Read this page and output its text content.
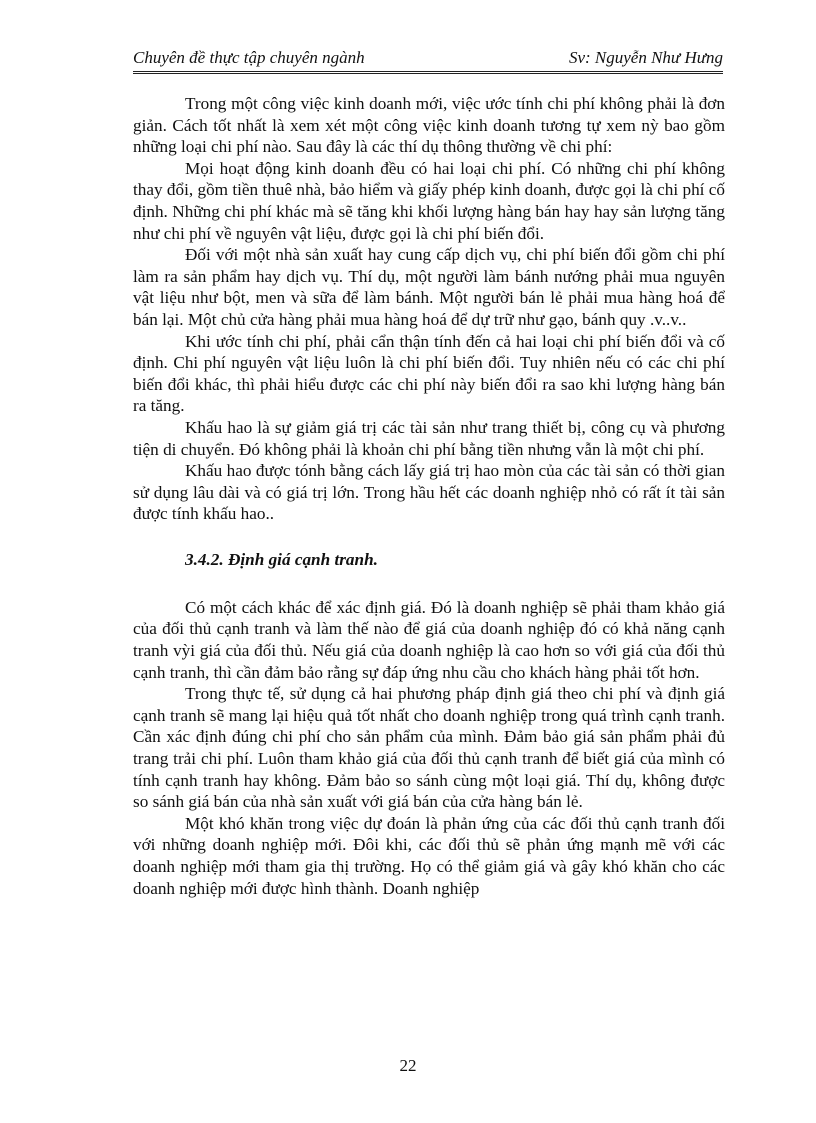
Chuyên đề thực tập chuyên ngành	Sv: Nguyễn Như Hưng

Trong một công việc kinh doanh mới, việc ước tính chi phí không phải là đơn giản. Cách tốt nhất là xem xét một công việc kinh doanh tương tự xem nỳ bao gồm những loại chi phí nào. Sau đây là các thí dụ thông thường về chi phí:

Mọi hoạt động kinh doanh đều có hai loại chi phí. Có những chi phí không thay đổi, gồm tiền thuê nhà, bảo hiểm và giấy phép kinh doanh, được gọi là chi phí cố định. Những chi phí khác mà sẽ tăng khi khối lượng hàng bán hay hay sản lượng tăng như chi phí về nguyên vật liệu, được gọi là chi phí biến đổi.

Đối với một nhà sản xuất hay cung cấp dịch vụ, chi phí biến đổi gồm chi phí làm ra sản phẩm hay dịch vụ. Thí dụ, một người làm bánh nướng phải mua nguyên vật liệu như bột, men và sữa để làm bánh. Một người bán lẻ phải mua hàng hoá để bán lại. Một chủ cửa hàng phải mua hàng hoá để dự trữ như gạo, bánh quy .v..v..

Khi ước tính chi phí, phải cẩn thận tính đến cả hai loại chi phí biến đổi và cố định. Chi phí nguyên vật liệu luôn là chi phí biến đổi. Tuy nhiên nếu có các chi phí biến đổi khác, thì phải hiểu được các chi phí này biến đổi ra sao khi lượng hàng bán ra tăng.

Khấu hao là sự giảm giá trị các tài sản như trang thiết bị, công cụ và phương tiện di chuyển. Đó không phải là khoản chi phí bằng tiền nhưng vẫn là một chi phí.

Khấu hao được tónh bằng cách lấy giá trị hao mòn của các tài sản có thời gian sử dụng lâu dài và có giá trị lớn. Trong hầu hết các doanh nghiệp nhỏ có rất ít tài sản được tính khấu hao..

3.4.2. Định giá cạnh tranh.

Có một cách khác để xác định giá. Đó là doanh nghiệp sẽ phải tham khảo giá của đối thủ cạnh tranh và làm thế nào để giá của doanh nghiệp đó có khả năng cạnh tranh vỳi giá của đối thủ. Nếu giá của doanh nghiệp là cao hơn so với giá của đối thủ cạnh tranh, thì cần đảm bảo rằng sự đáp ứng nhu cầu cho khách hàng phải tốt hơn.

Trong thực tế, sử dụng cả hai phương pháp định giá theo chi phí và định giá cạnh tranh sẽ mang lại hiệu quả tốt nhất cho doanh nghiệp trong quá trình cạnh tranh. Cần xác định đúng chi phí cho sản phẩm của mình. Đảm bảo giá sản phẩm phải đủ trang trải chi phí. Luôn tham khảo giá của đối thủ cạnh tranh để biết giá của mình có tính cạnh tranh hay không. Đảm bảo so sánh cùng một loại giá. Thí dụ, không được so sánh giá bán của nhà sản xuất với giá bán của cửa hàng bán lẻ.

Một khó khăn trong việc dự đoán là phản ứng của các đối thủ cạnh tranh đối với những doanh nghiệp mới. Đôi khi, các đối thủ sẽ phản ứng mạnh mẽ với các doanh nghiệp mới tham gia thị trường. Họ có thể giảm giá và gây khó khăn cho các doanh nghiệp mới được hình thành. Doanh nghiệp

22
